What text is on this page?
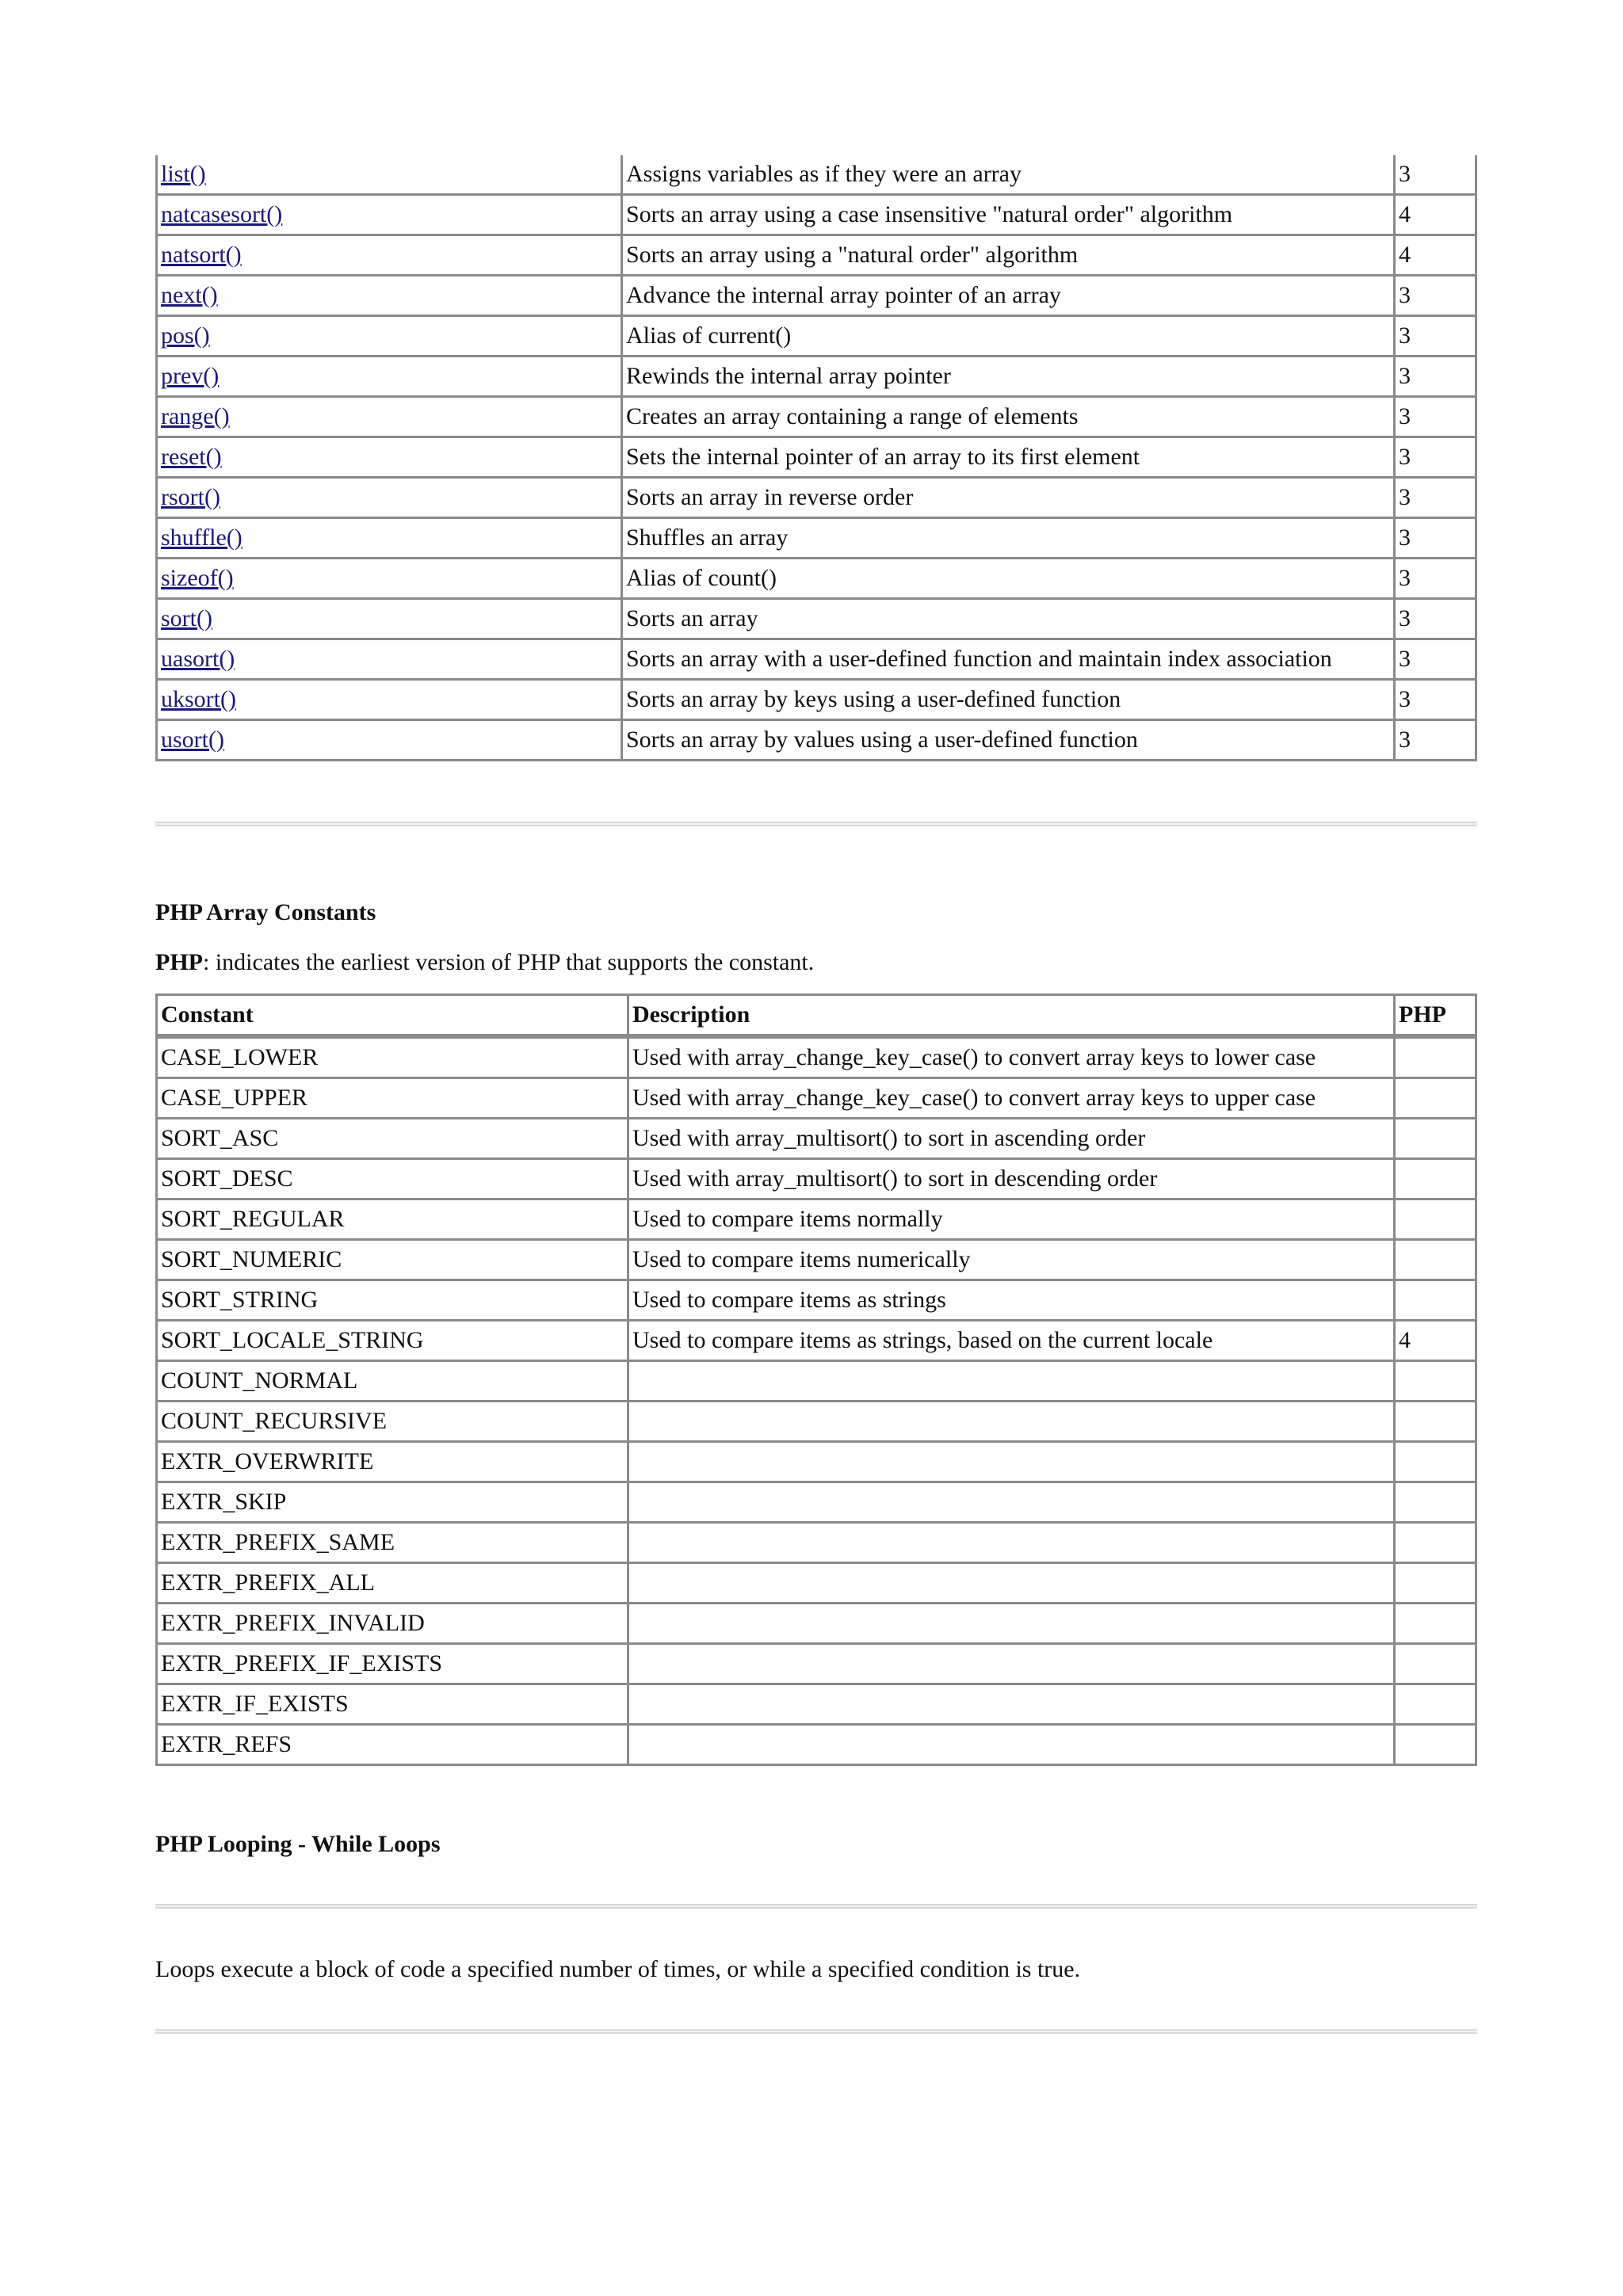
list()	Assigns variables as if they were an array	3
natcasesort()	Sorts an array using a case insensitive "natural order" algorithm	4
natsort()	Sorts an array using a "natural order" algorithm	4
next()	Advance the internal array pointer of an array	3
pos()	Alias of current()	3
prev()	Rewinds the internal array pointer	3
range()	Creates an array containing a range of elements	3
reset()	Sets the internal pointer of an array to its first element	3
rsort()	Sorts an array in reverse order	3
shuffle()	Shuffles an array	3
sizeof()	Alias of count()	3
sort()	Sorts an array	3
uasort()	Sorts an array with a user-defined function and maintain index association	3
uksort()	Sorts an array by keys using a user-defined function	3
usort()	Sorts an array by values using a user-defined function	3
PHP Array Constants

PHP: indicates the earliest version of PHP that supports the constant.

Constant	Description	PHP
CASE_LOWER	Used with array_change_key_case() to convert array keys to lower case	
CASE_UPPER	Used with array_change_key_case() to convert array keys to upper case	
SORT_ASC	Used with array_multisort() to sort in ascending order	
SORT_DESC	Used with array_multisort() to sort in descending order	
SORT_REGULAR	Used to compare items normally	
SORT_NUMERIC	Used to compare items numerically	
SORT_STRING	Used to compare items as strings	
SORT_LOCALE_STRING	Used to compare items as strings, based on the current locale	4
COUNT_NORMAL		
COUNT_RECURSIVE		
EXTR_OVERWRITE		
EXTR_SKIP		
EXTR_PREFIX_SAME		
EXTR_PREFIX_ALL		
EXTR_PREFIX_INVALID		
EXTR_PREFIX_IF_EXISTS		
EXTR_IF_EXISTS		
EXTR_REFS		
PHP Looping - While Loops

Loops execute a block of code a specified number of times, or while a specified condition is true.
